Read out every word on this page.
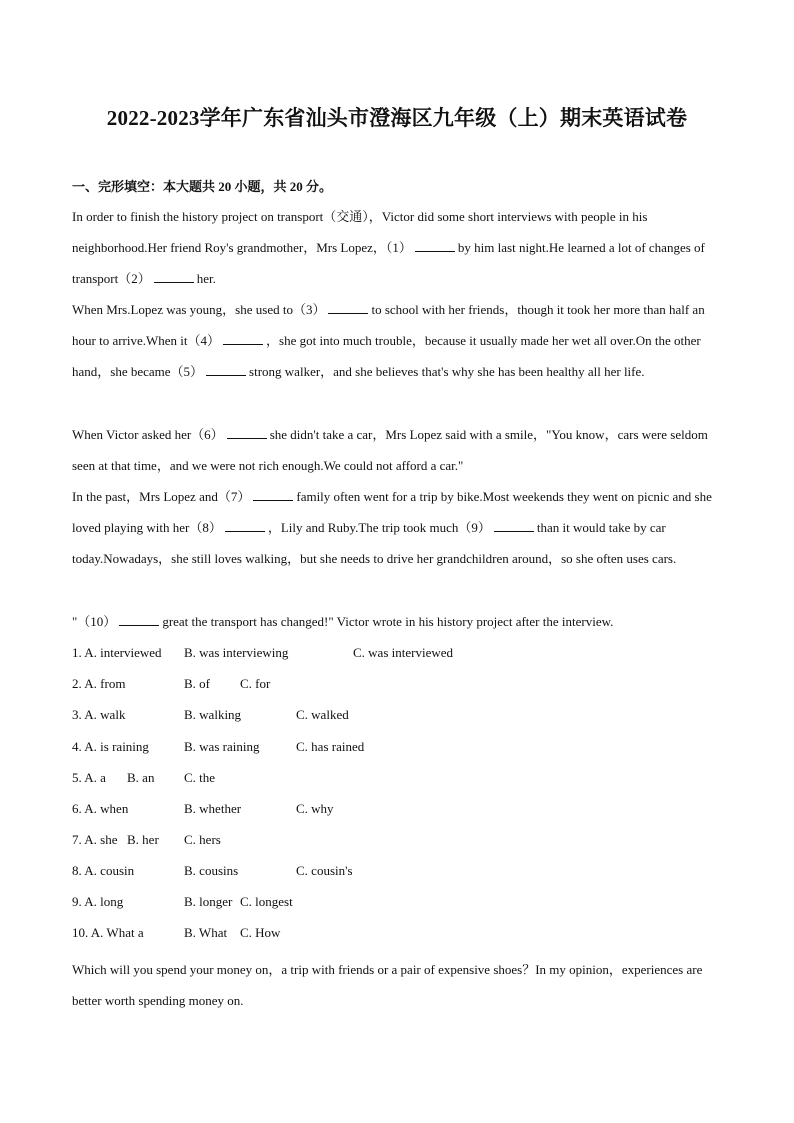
2022-2023学年广东省汕头市澄海区九年级（上）期末英语试卷
一、完形填空：本大题共 20 小题，共 20 分。
In order to finish the history project on transport（交通），Victor did some short interviews with people in his neighborhood.Her friend Roy's grandmother，Mrs Lopez，（1）	by him last night.He learned a lot of changes of transport（2）	her.
When Mrs.Lopez was young，she used to（3）	to school with her friends，though it took her more than half an hour to arrive.When it（4）	，she got into much trouble，because it usually made her wet all over.On the other hand，she became（5）	strong walker，and she believes that's why she has been healthy all her life.
When Victor asked her（6）	she didn't take a car，Mrs Lopez said with a smile，"You know，cars were seldom seen at that time，and we were not rich enough.We could not afford a car."
In the past，Mrs Lopez and（7）	family often went for a trip by bike.Most weekends they went on picnic and she loved playing with her（8）	，Lily and Ruby.The trip took much（9）	than it would take by car today.Nowadays，she still loves walking，but she needs to drive her grandchildren around，so she often uses cars.
"（10）	great the transport has changed!" Victor wrote in his history project after the interview.
1. A. interviewed B. was interviewing	C. was interviewed
2. A. from	B. of C. for
3. A. walk	B. walking	C. walked
4. A. is raining	B. was raining	C. has rained
5. A. a B. an C. the
6. A. when	B. whether	C. why
7. A. she B. her C. hers
8. A. cousin	B. cousins	C. cousin's
9. A. long	B. longer C. longest
10. A. What a	B. What C. How
Which will you spend your money on，a trip with friends or a pair of expensive shoes？In my opinion，experiences are better worth spending money on.
